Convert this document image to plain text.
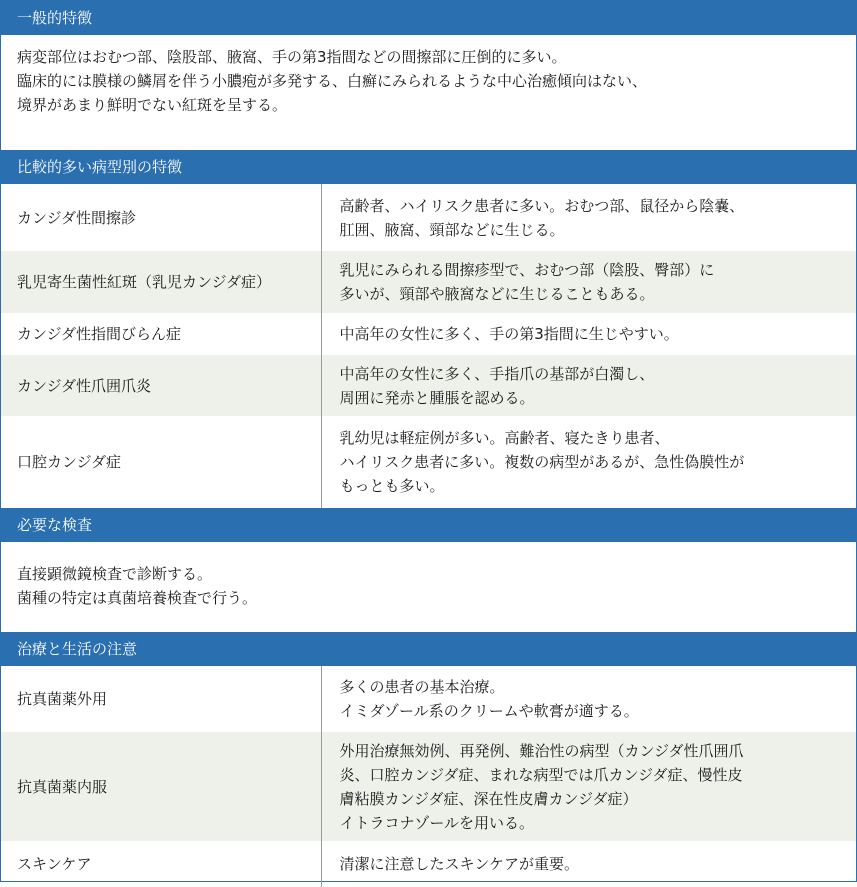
一般的特徴

病変部位はおむつ部、陰股部、腋窩、手の第3指間などの間擦部に圧倒的に多い。

臨床的には膜様の鱗屑を伴う小膿疱が多発する、白癬にみられるような中心治癒傾向はない、

境界があまり鮮明でない紅斑を呈する。

比較的多い病型別の特徴
カンジダ性間擦診	高齢者、ハイリスク患者に多い。おむつ部、鼠径から陰嚢、
肛囲、腋窩、頸部などに生じる。

乳児寄生菌性紅斑（乳児カンジダ症）	乳児にみられる間擦疹型で、おむつ部（陰股、臀部）に
多いが、頸部や腋窩などに生じることもある。

カンジダ性指間びらん症	中高年の女性に多く、手の第3指間に生じやすい。

カンジダ性爪囲爪炎	中高年の女性に多く、手指爪の基部が白濁し、
周囲に発赤と腫脹を認める。

口腔カンジダ症	乳幼児は軽症例が多い。高齢者、寝たきり患者、
ハイリスク患者に多い。複数の病型があるが、急性偽膜性が
もっとも多い。
必要な検査

直接顕微鏡検査で診断する。

菌種の特定は真菌培養検査で行う。

治療と生活の注意
抗真菌薬外用	多くの患者の基本治療。
イミダゾール系のクリームや軟膏が適する。

抗真菌薬内服	外用治療無効例、再発例、難治性の病型（カンジダ性爪囲爪
炎、口腔カンジダ症、まれな病型では爪カンジダ症、慢性皮
膚粘膜カンジダ症、深在性皮膚カンジダ症）
イトラコナゾールを用いる。

スキンケア	清潔に注意したスキンケアが重要。
